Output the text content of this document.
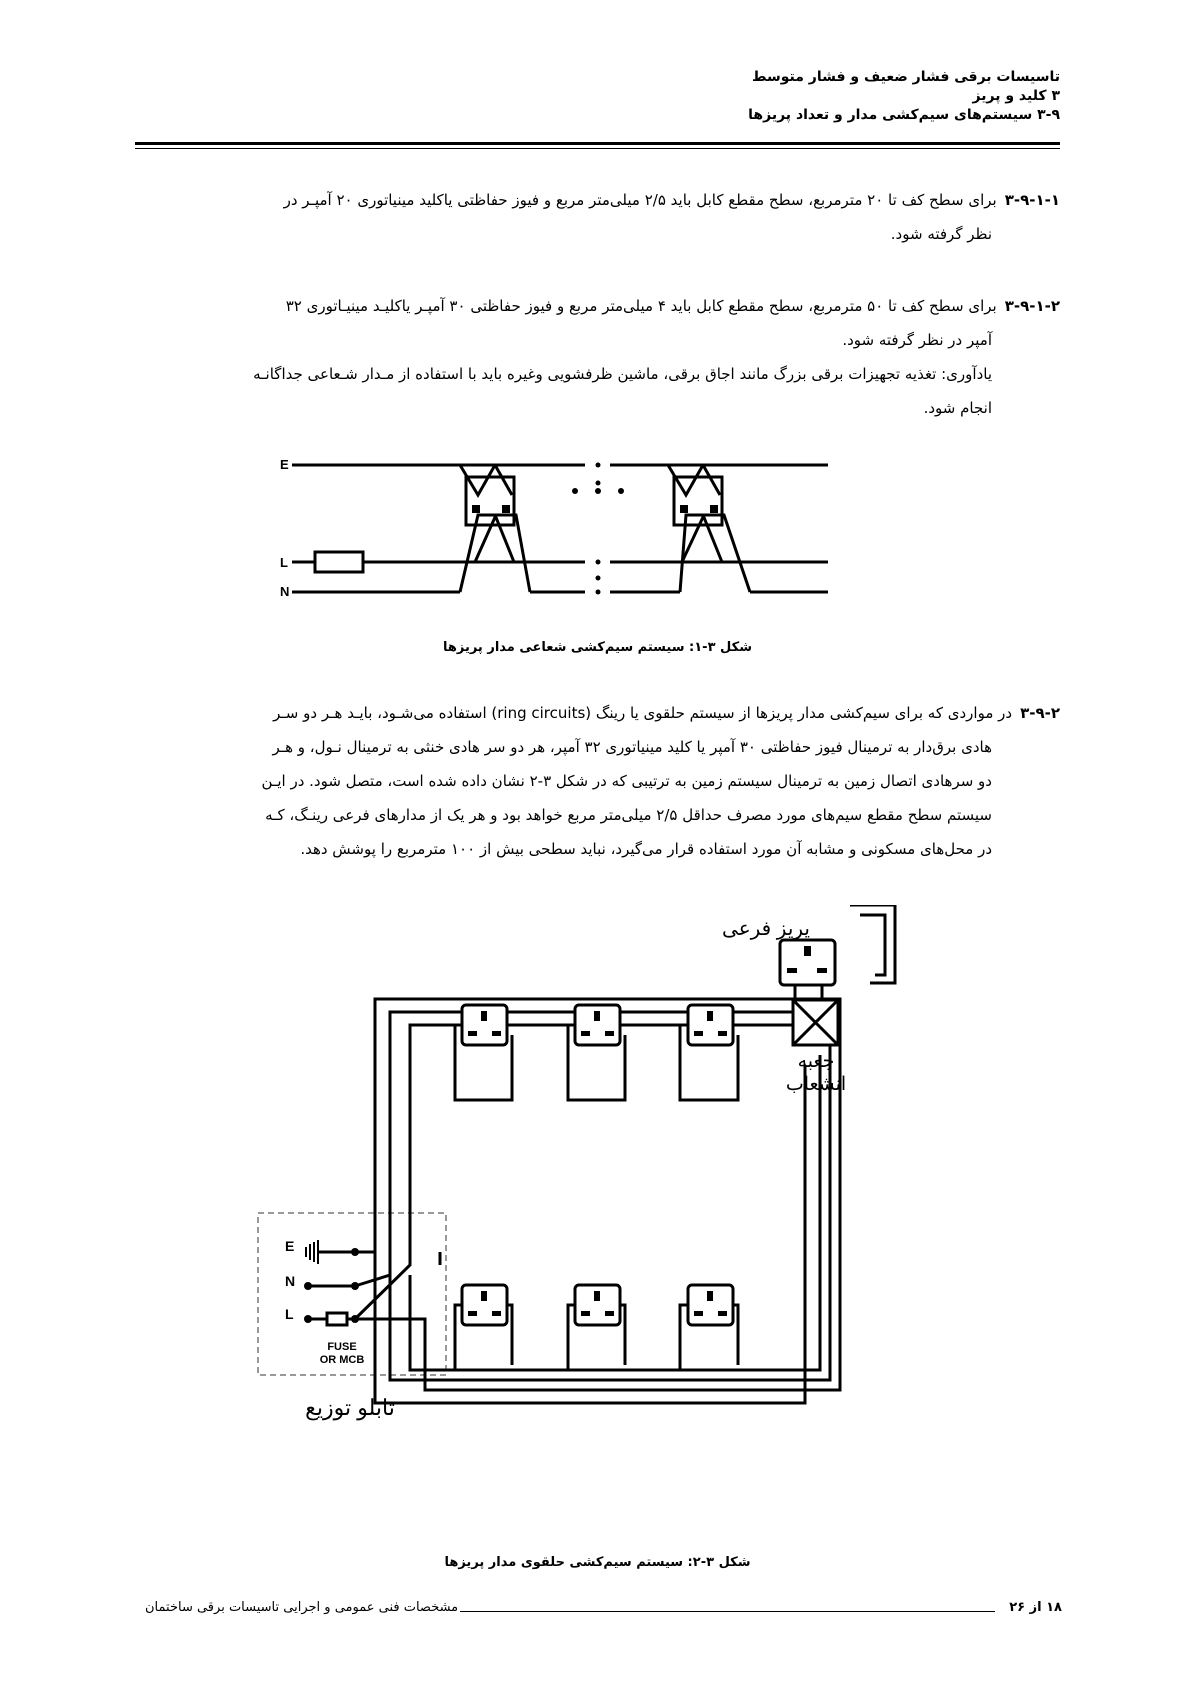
تاسیسات برقی فشار ضعیف و فشار متوسط
۳ کلید و پریز
۳-۹ سیستم‌های سیم‌کشی مدار و تعداد پریزها
۳-۹-۱-۱برای سطح کف تا ۲۰ مترمربع، سطح مقطع کابل باید ۲/۵ میلی‌متر مربع و فیوز حفاظتی یاکلید مینیاتوری ۲۰ آمپـر در
نظر گرفته شود.
۳-۹-۱-۲برای سطح کف تا ۵۰ مترمربع، سطح مقطع کابل باید ۴ میلی‌متر مربع و فیوز حفاظتی ۳۰ آمپـر یاکلیـد مینیـاتوری ۳۲
آمپر در نظر گرفته شود.
یادآوری: تغذیه تجهیزات برقی بزرگ مانند اجاق برقی، ماشین ظرفشویی وغیره باید با استفاده از مـدار شـعاعی جداگانـه
انجام شود.
E
L
N
شکل ۳-۱: سیستم سیم‌کشی شعاعی مدار پریزها
۳-۹-۲در مواردی که برای سیم‌کشی مدار پریزها از سیستم حلقوی یا رینگ (ring circuits) استفاده می‌شـود، بایـد هـر دو سـر
هادی برق‌دار به ترمینال فیوز حفاظتی ۳۰ آمپر یا کلید مینیاتوری ۳۲ آمپر، هر دو سر هادی خنثی به ترمینال نـول، و هـر
دو سرهادی اتصال زمین به ترمینال سیستم زمین به ترتیبی که در شکل ۳-۲ نشان داده شده است، متصل شود. در ایـن
سیستم سطح مقطع سیم‌های مورد مصرف حداقل ۲/۵ میلی‌متر مربع خواهد بود و هر یک از مدارهای فرعی رینـگ، کـه
در محل‌های مسکونی و مشابه آن مورد استفاده قرار می‌گیرد، نباید سطحی بیش از ۱۰۰ مترمربع را پوشش دهد.
E
N
L
FUSE
OR MCB
تابلو توزیع
پریز فرعی
جعبه
انشعاب
شکل ۳-۲: سیستم سیم‌کشی حلقوی مدار پریزها
مشخصات فنی عمومی و اجرایی تاسیسات برقی ساختمان	۱۸ از ۲۶
